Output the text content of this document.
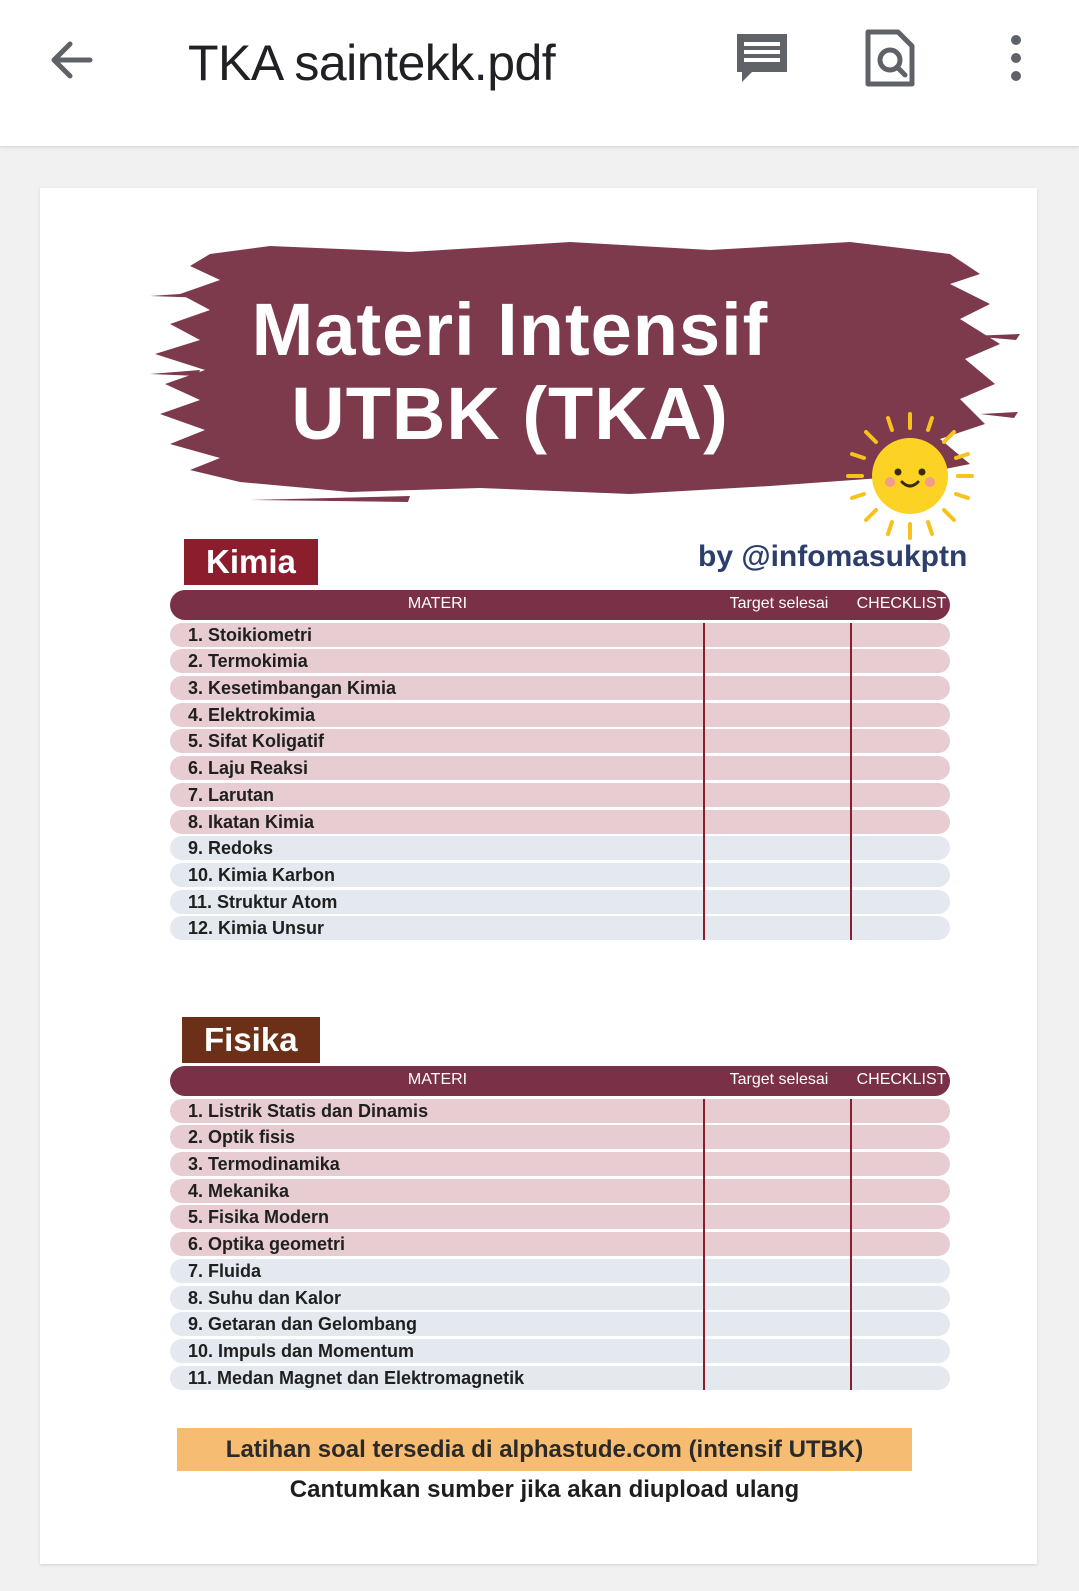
TKA saintekk.pdf
Materi Intensif
UTBK (TKA)
Kimia	by @infomasukptn
MATERI	Target selesai	CHECKLIST
1. Stoikiometri
2. Termokimia
3. Kesetimbangan Kimia
4. Elektrokimia
5. Sifat Koligatif
6. Laju Reaksi
7. Larutan
8. Ikatan Kimia
9. Redoks
10. Kimia Karbon
11. Struktur Atom
12. Kimia Unsur
Fisika
MATERI	Target selesai	CHECKLIST
1. Listrik Statis dan Dinamis
2. Optik fisis
3. Termodinamika
4. Mekanika
5. Fisika Modern
6. Optika geometri
7. Fluida
8. Suhu dan Kalor
9. Getaran dan Gelombang
10. Impuls dan Momentum
11. Medan Magnet dan Elektromagnetik
Latihan soal tersedia di alphastude.com (intensif UTBK)
Cantumkan sumber jika akan diupload ulang
